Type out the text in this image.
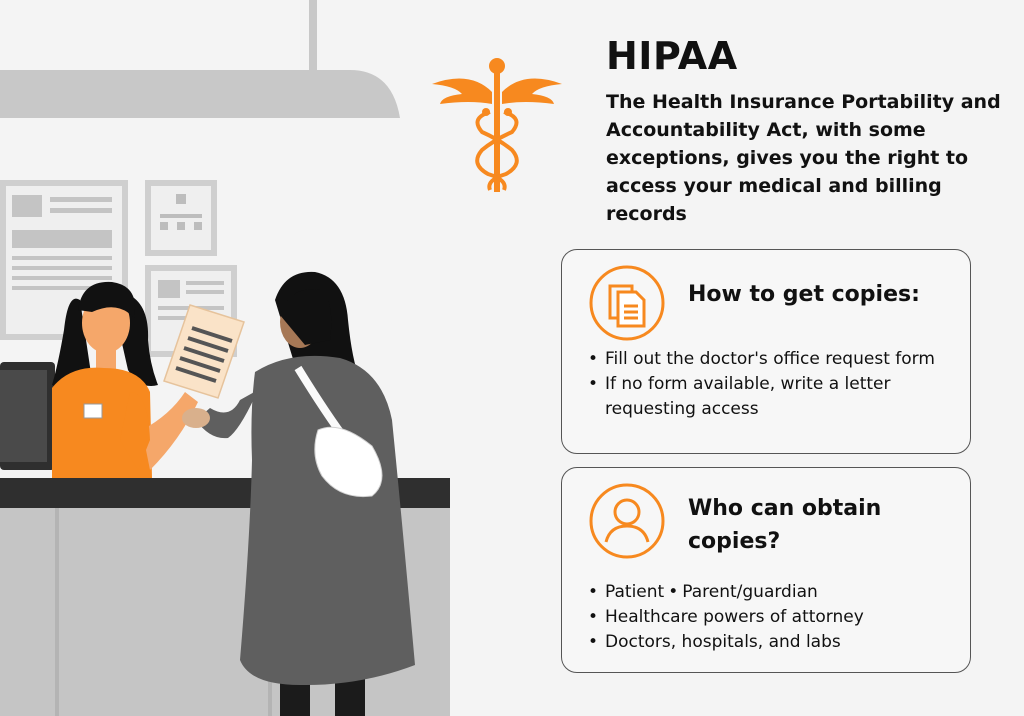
HIPAA
The Health Insurance Portability and Accountability Act, with some exceptions, gives you the right to access your medical and billing records
How to get copies:
• Fill out the doctor's office request form
• If no form available, write a letter requesting access
Who can obtain copies?
• Patient • Parent/guardian
• Healthcare powers of attorney
• Doctors, hospitals, and labs
